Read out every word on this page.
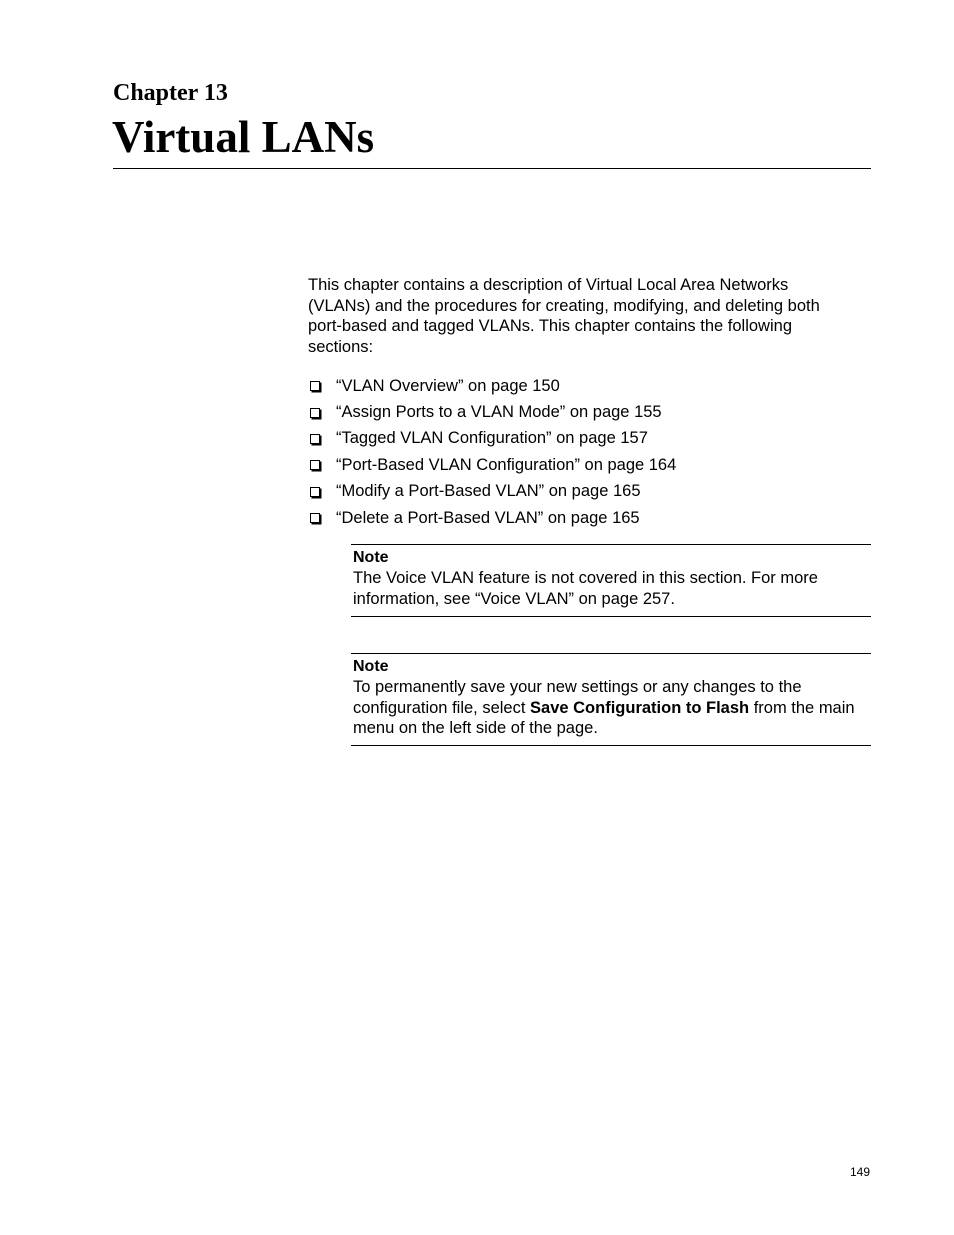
Chapter 13
Virtual LANs

This chapter contains a description of Virtual Local Area Networks (VLANs) and the procedures for creating, modifying, and deleting both port-based and tagged VLANs. This chapter contains the following sections:

“VLAN Overview” on page 150
“Assign Ports to a VLAN Mode” on page 155
“Tagged VLAN Configuration” on page 157
“Port-Based VLAN Configuration” on page 164
“Modify a Port-Based VLAN” on page 165
“Delete a Port-Based VLAN” on page 165

Note

The Voice VLAN feature is not covered in this section. For more information, see “Voice VLAN” on page 257.

Note

To permanently save your new settings or any changes to the configuration file, select Save Configuration to Flash from the main menu on the left side of the page.

149
